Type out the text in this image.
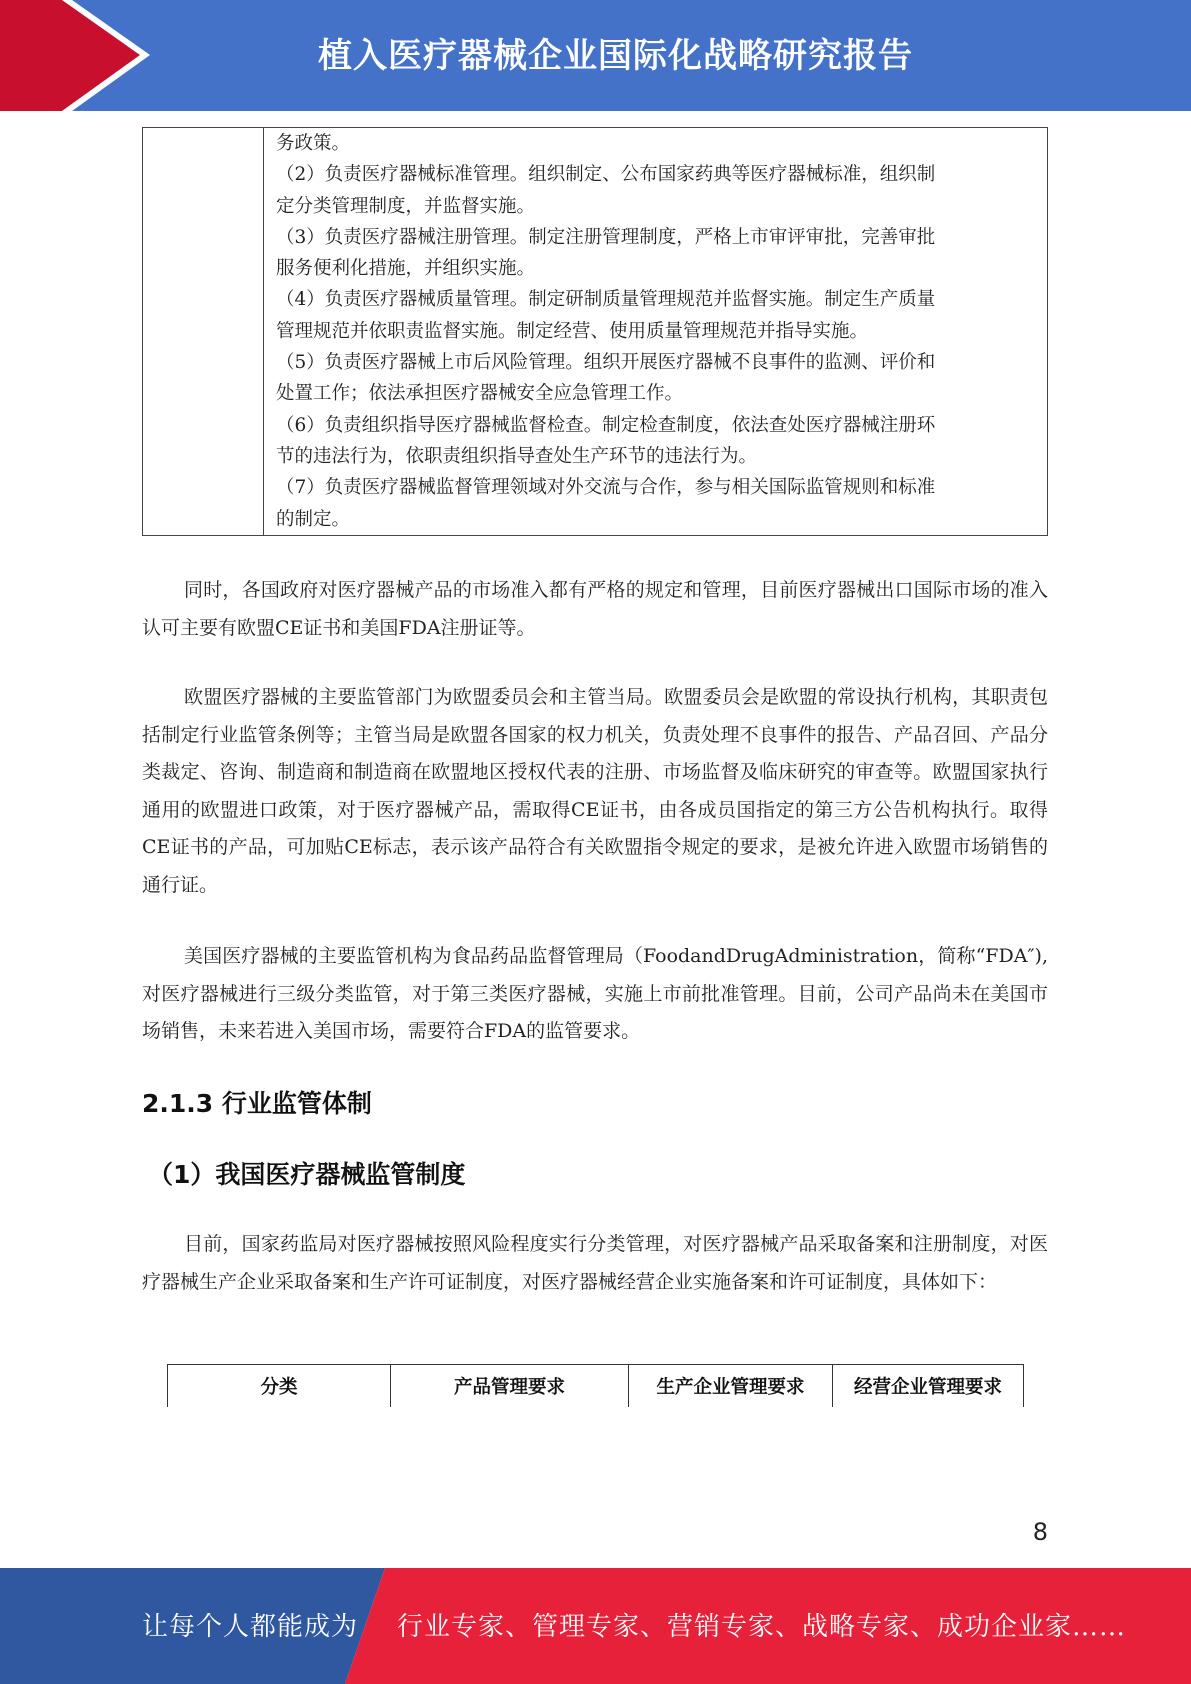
植入医疗器械企业国际化战略研究报告

务政策。
（2）负责医疗器械标准管理。组织制定、公布国家药典等医疗器械标准，组织制
定分类管理制度，并监督实施。
（3）负责医疗器械注册管理。制定注册管理制度，严格上市审评审批，完善审批
服务便利化措施，并组织实施。
（4）负责医疗器械质量管理。制定研制质量管理规范并监督实施。制定生产质量
管理规范并依职责监督实施。制定经营、使用质量管理规范并指导实施。
（5）负责医疗器械上市后风险管理。组织开展医疗器械不良事件的监测、评价和
处置工作；依法承担医疗器械安全应急管理工作。
（6）负责组织指导医疗器械监督检查。制定检查制度，依法查处医疗器械注册环
节的违法行为，依职责组织指导查处生产环节的违法行为。
（7）负责医疗器械监督管理领域对外交流与合作，参与相关国际监管规则和标准
的制定。

同时，各国政府对医疗器械产品的市场准入都有严格的规定和管理，目前医疗器械出口国际市场的准入认可主要有欧盟CE证书和美国FDA注册证等。

欧盟医疗器械的主要监管部门为欧盟委员会和主管当局。欧盟委员会是欧盟的常设执行机构，其职责包括制定行业监管条例等；主管当局是欧盟各国家的权力机关，负责处理不良事件的报告、产品召回、产品分类裁定、咨询、制造商和制造商在欧盟地区授权代表的注册、市场监督及临床研究的审查等。欧盟国家执行通用的欧盟进口政策，对于医疗器械产品，需取得CE证书，由各成员国指定的第三方公告机构执行。取得CE证书的产品，可加贴CE标志，表示该产品符合有关欧盟指令规定的要求，是被允许进入欧盟市场销售的通行证。

美国医疗器械的主要监管机构为食品药品监督管理局（FoodandDrugAdministration，简称“FDA″),对医疗器械进行三级分类监管，对于第三类医疗器械，实施上市前批准管理。目前，公司产品尚未在美国市场销售，未来若进入美国市场，需要符合FDA的监管要求。

2.1.3 行业监管体制
（1）我国医疗器械监管制度

目前，国家药监局对医疗器械按照风险程度实行分类管理，对医疗器械产品采取备案和注册制度，对医疗器械生产企业采取备案和生产许可证制度，对医疗器械经营企业实施备案和许可证制度，具体如下：

分类	产品管理要求	生产企业管理要求	经营企业管理要求
8
让每个人都能成为 行业专家、管理专家、营销专家、战略专家、成功企业家……
